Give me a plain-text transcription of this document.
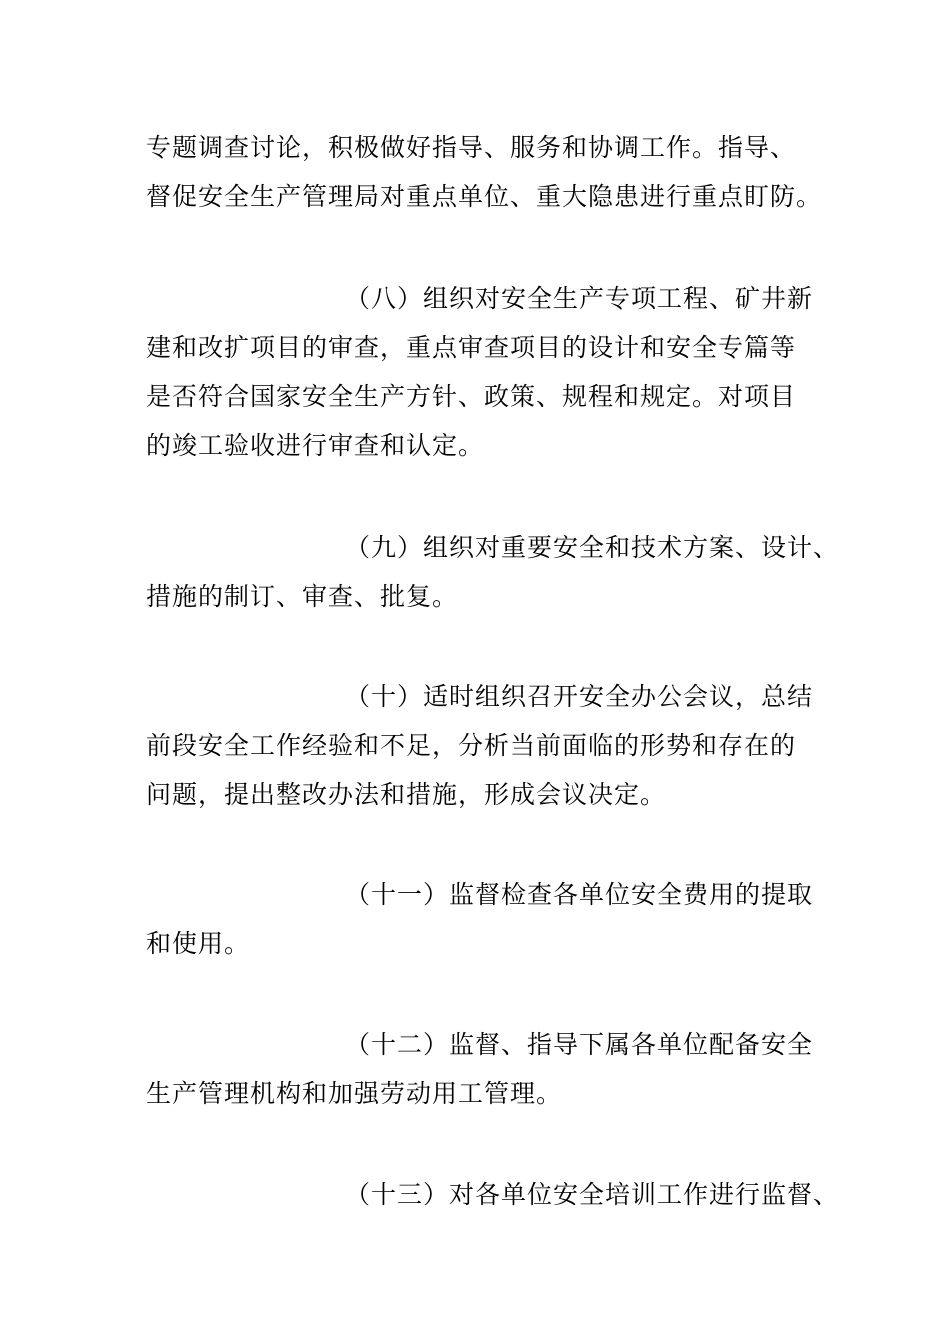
专题调查讨论，积极做好指导、服务和协调工作。指导、
督促安全生产管理局对重点单位、重大隐患进行重点盯防。
（八）组织对安全生产专项工程、矿井新
建和改扩项目的审查，重点审查项目的设计和安全专篇等
是否符合国家安全生产方针、政策、规程和规定。对项目
的竣工验收进行审查和认定。
（九）组织对重要安全和技术方案、设计、
措施的制订、审查、批复。
（十）适时组织召开安全办公会议，总结
前段安全工作经验和不足，分析当前面临的形势和存在的
问题，提出整改办法和措施，形成会议决定。
（十一）监督检查各单位安全费用的提取
和使用。
（十二）监督、指导下属各单位配备安全
生产管理机构和加强劳动用工管理。
（十三）对各单位安全培训工作进行监督、
